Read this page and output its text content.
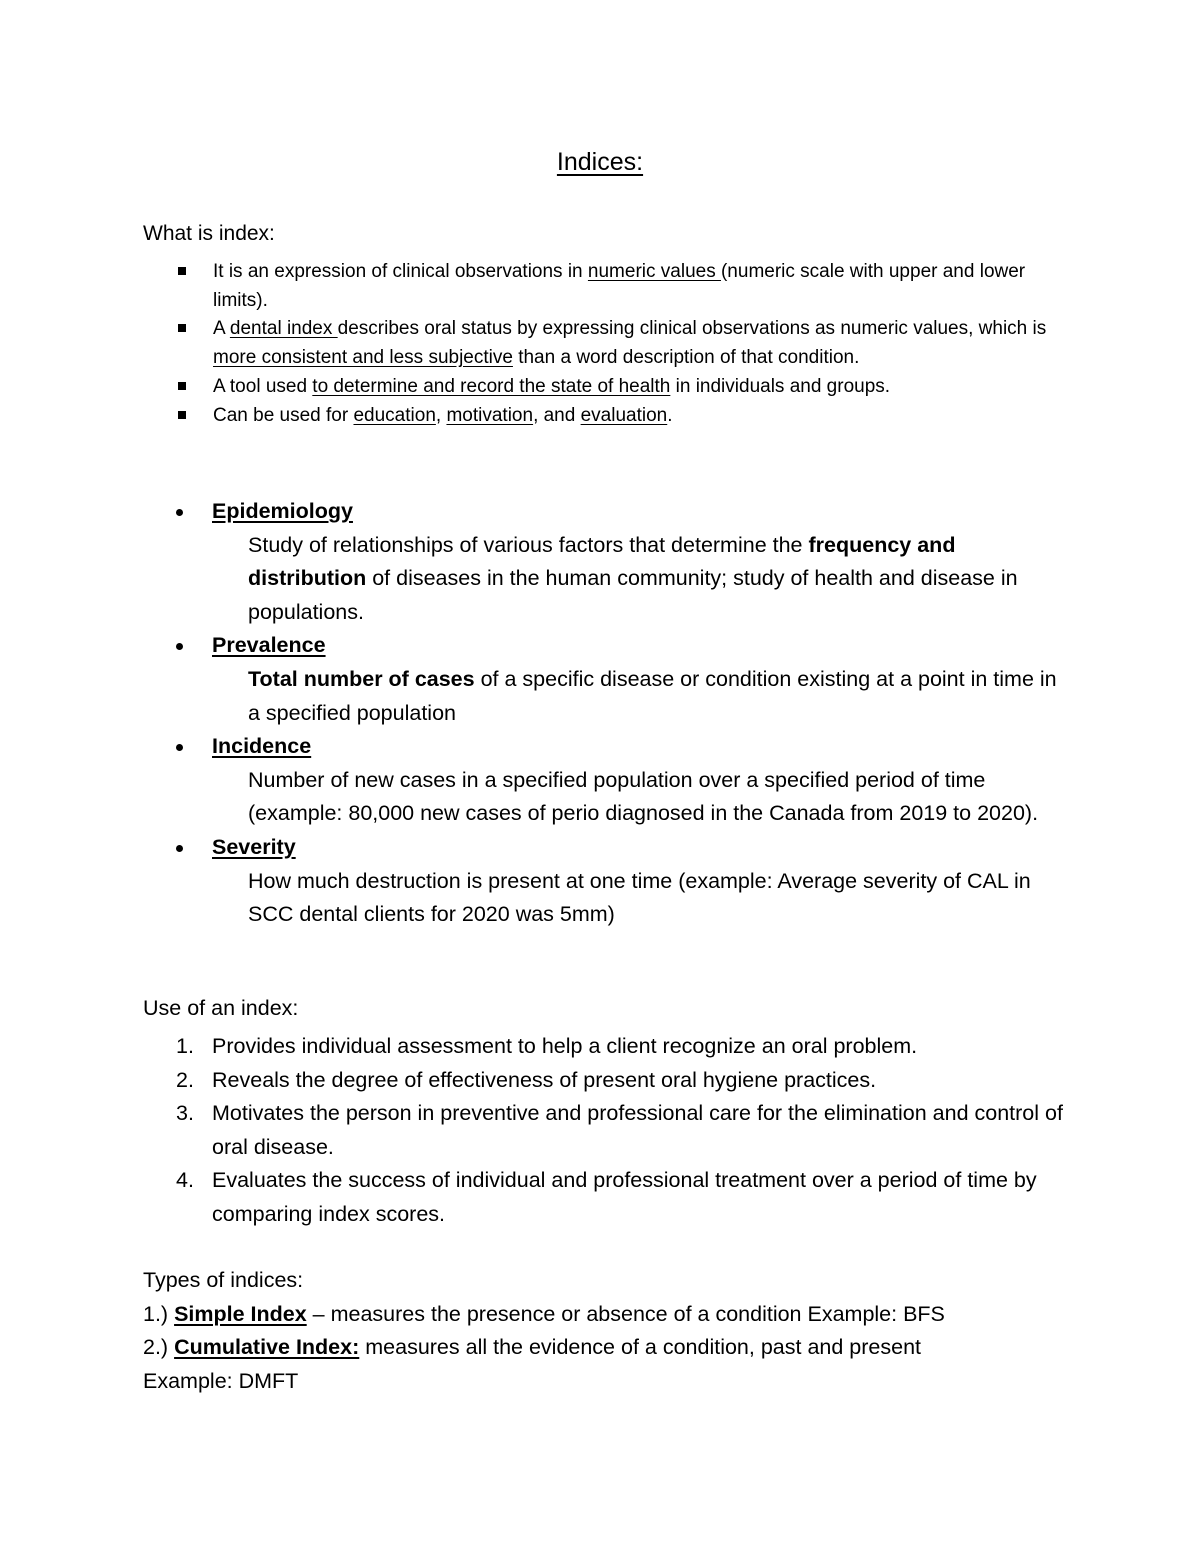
Indices:
What is index:
It is an expression of clinical observations in numeric values (numeric scale with upper and lower limits).
A dental index describes oral status by expressing clinical observations as numeric values, which is more consistent and less subjective than a word description of that condition.
A tool used to determine and record the state of health in individuals and groups.
Can be used for education, motivation, and evaluation.
Epidemiology
Study of relationships of various factors that determine the frequency and distribution of diseases in the human community; study of health and disease in populations.
Prevalence
Total number of cases of a specific disease or condition existing at a point in time in a specified population
Incidence
Number of new cases in a specified population over a specified period of time (example: 80,000 new cases of perio diagnosed in the Canada from 2019 to 2020).
Severity
How much destruction is present at one time (example: Average severity of CAL in SCC dental clients for 2020 was 5mm)
Use of an index:
1. Provides individual assessment to help a client recognize an oral problem.
2. Reveals the degree of effectiveness of present oral hygiene practices.
3. Motivates the person in preventive and professional care for the elimination and control of oral disease.
4. Evaluates the success of individual and professional treatment over a period of time by comparing index scores.
Types of indices:
1.) Simple Index – measures the presence or absence of a condition Example: BFS
2.) Cumulative Index: measures all the evidence of a condition, past and present
Example: DMFT
